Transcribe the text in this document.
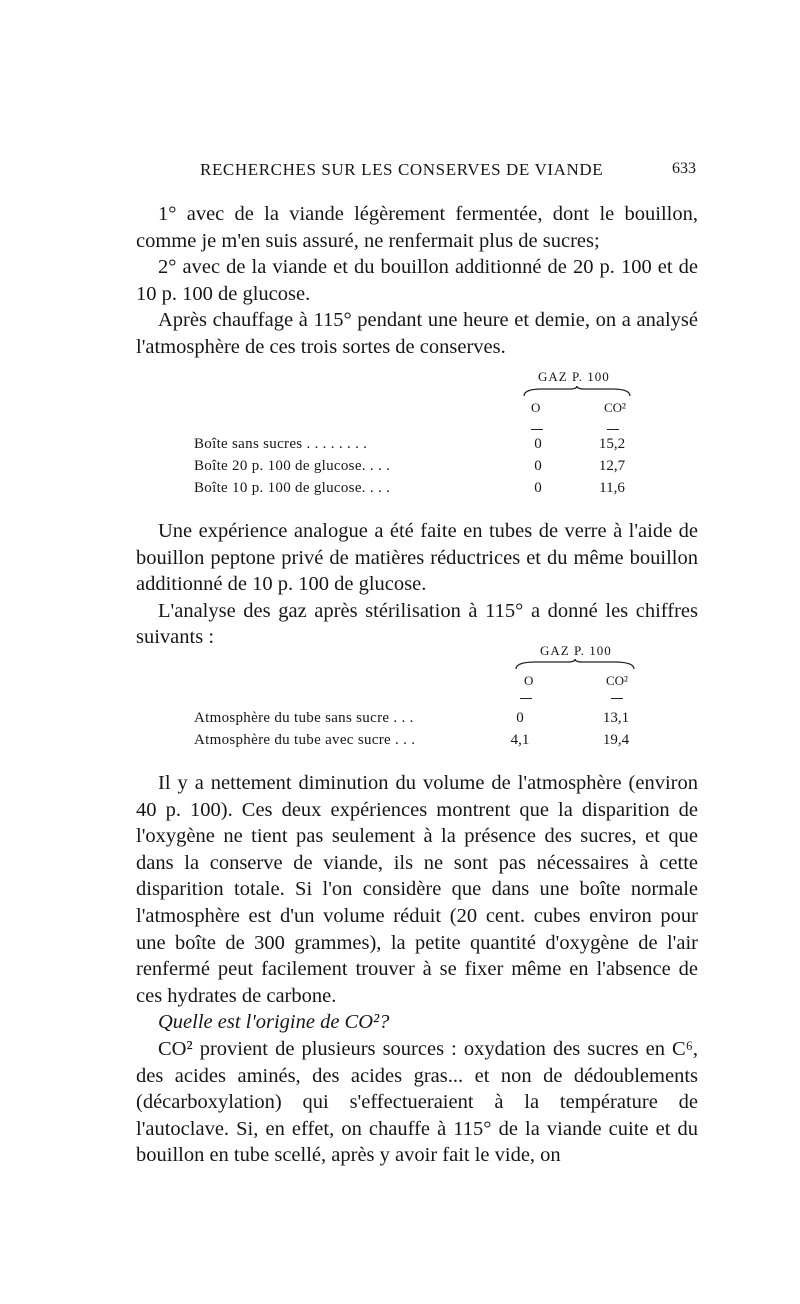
RECHERCHES SUR LES CONSERVES DE VIANDE	633

1° avec de la viande légèrement fermentée, dont le bouillon, comme je m'en suis assuré, ne renfermait plus de sucres;

2° avec de la viande et du bouillon additionné de 20 p. 100 et de 10 p. 100 de glucose.

Après chauffage à 115° pendant une heure et demie, on a analysé l'atmosphère de ces trois sortes de conserves.

GAZ P. 100
O	CO²
Boîte sans sucres . . . . . . . .	0	15,2
Boîte 20 p. 100 de glucose. . . .	0	12,7
Boîte 10 p. 100 de glucose. . . .	0	11,6

Une expérience analogue a été faite en tubes de verre à l'aide de bouillon peptone privé de matières réductrices et du même bouillon additionné de 10 p. 100 de glucose.

L'analyse des gaz après stérilisation à 115° a donné les chiffres suivants :

GAZ P. 100
O	CO²
Atmosphère du tube sans sucre . . .	0	13,1
Atmosphère du tube avec sucre . . .	4,1	19,4

Il y a nettement diminution du volume de l'atmosphère (environ 40 p. 100). Ces deux expériences montrent que la disparition de l'oxygène ne tient pas seulement à la présence des sucres, et que dans la conserve de viande, ils ne sont pas nécessaires à cette disparition totale. Si l'on considère que dans une boîte normale l'atmosphère est d'un volume réduit (20 cent. cubes environ pour une boîte de 300 grammes), la petite quantité d'oxygène de l'air renfermé peut facilement trouver à se fixer même en l'absence de ces hydrates de carbone.

Quelle est l'origine de CO²?

CO² provient de plusieurs sources : oxydation des sucres en C⁶, des acides aminés, des acides gras... et non de dédoublements (décarboxylation) qui s'effectueraient à la température de l'autoclave. Si, en effet, on chauffe à 115° de la viande cuite et du bouillon en tube scellé, après y avoir fait le vide, on
